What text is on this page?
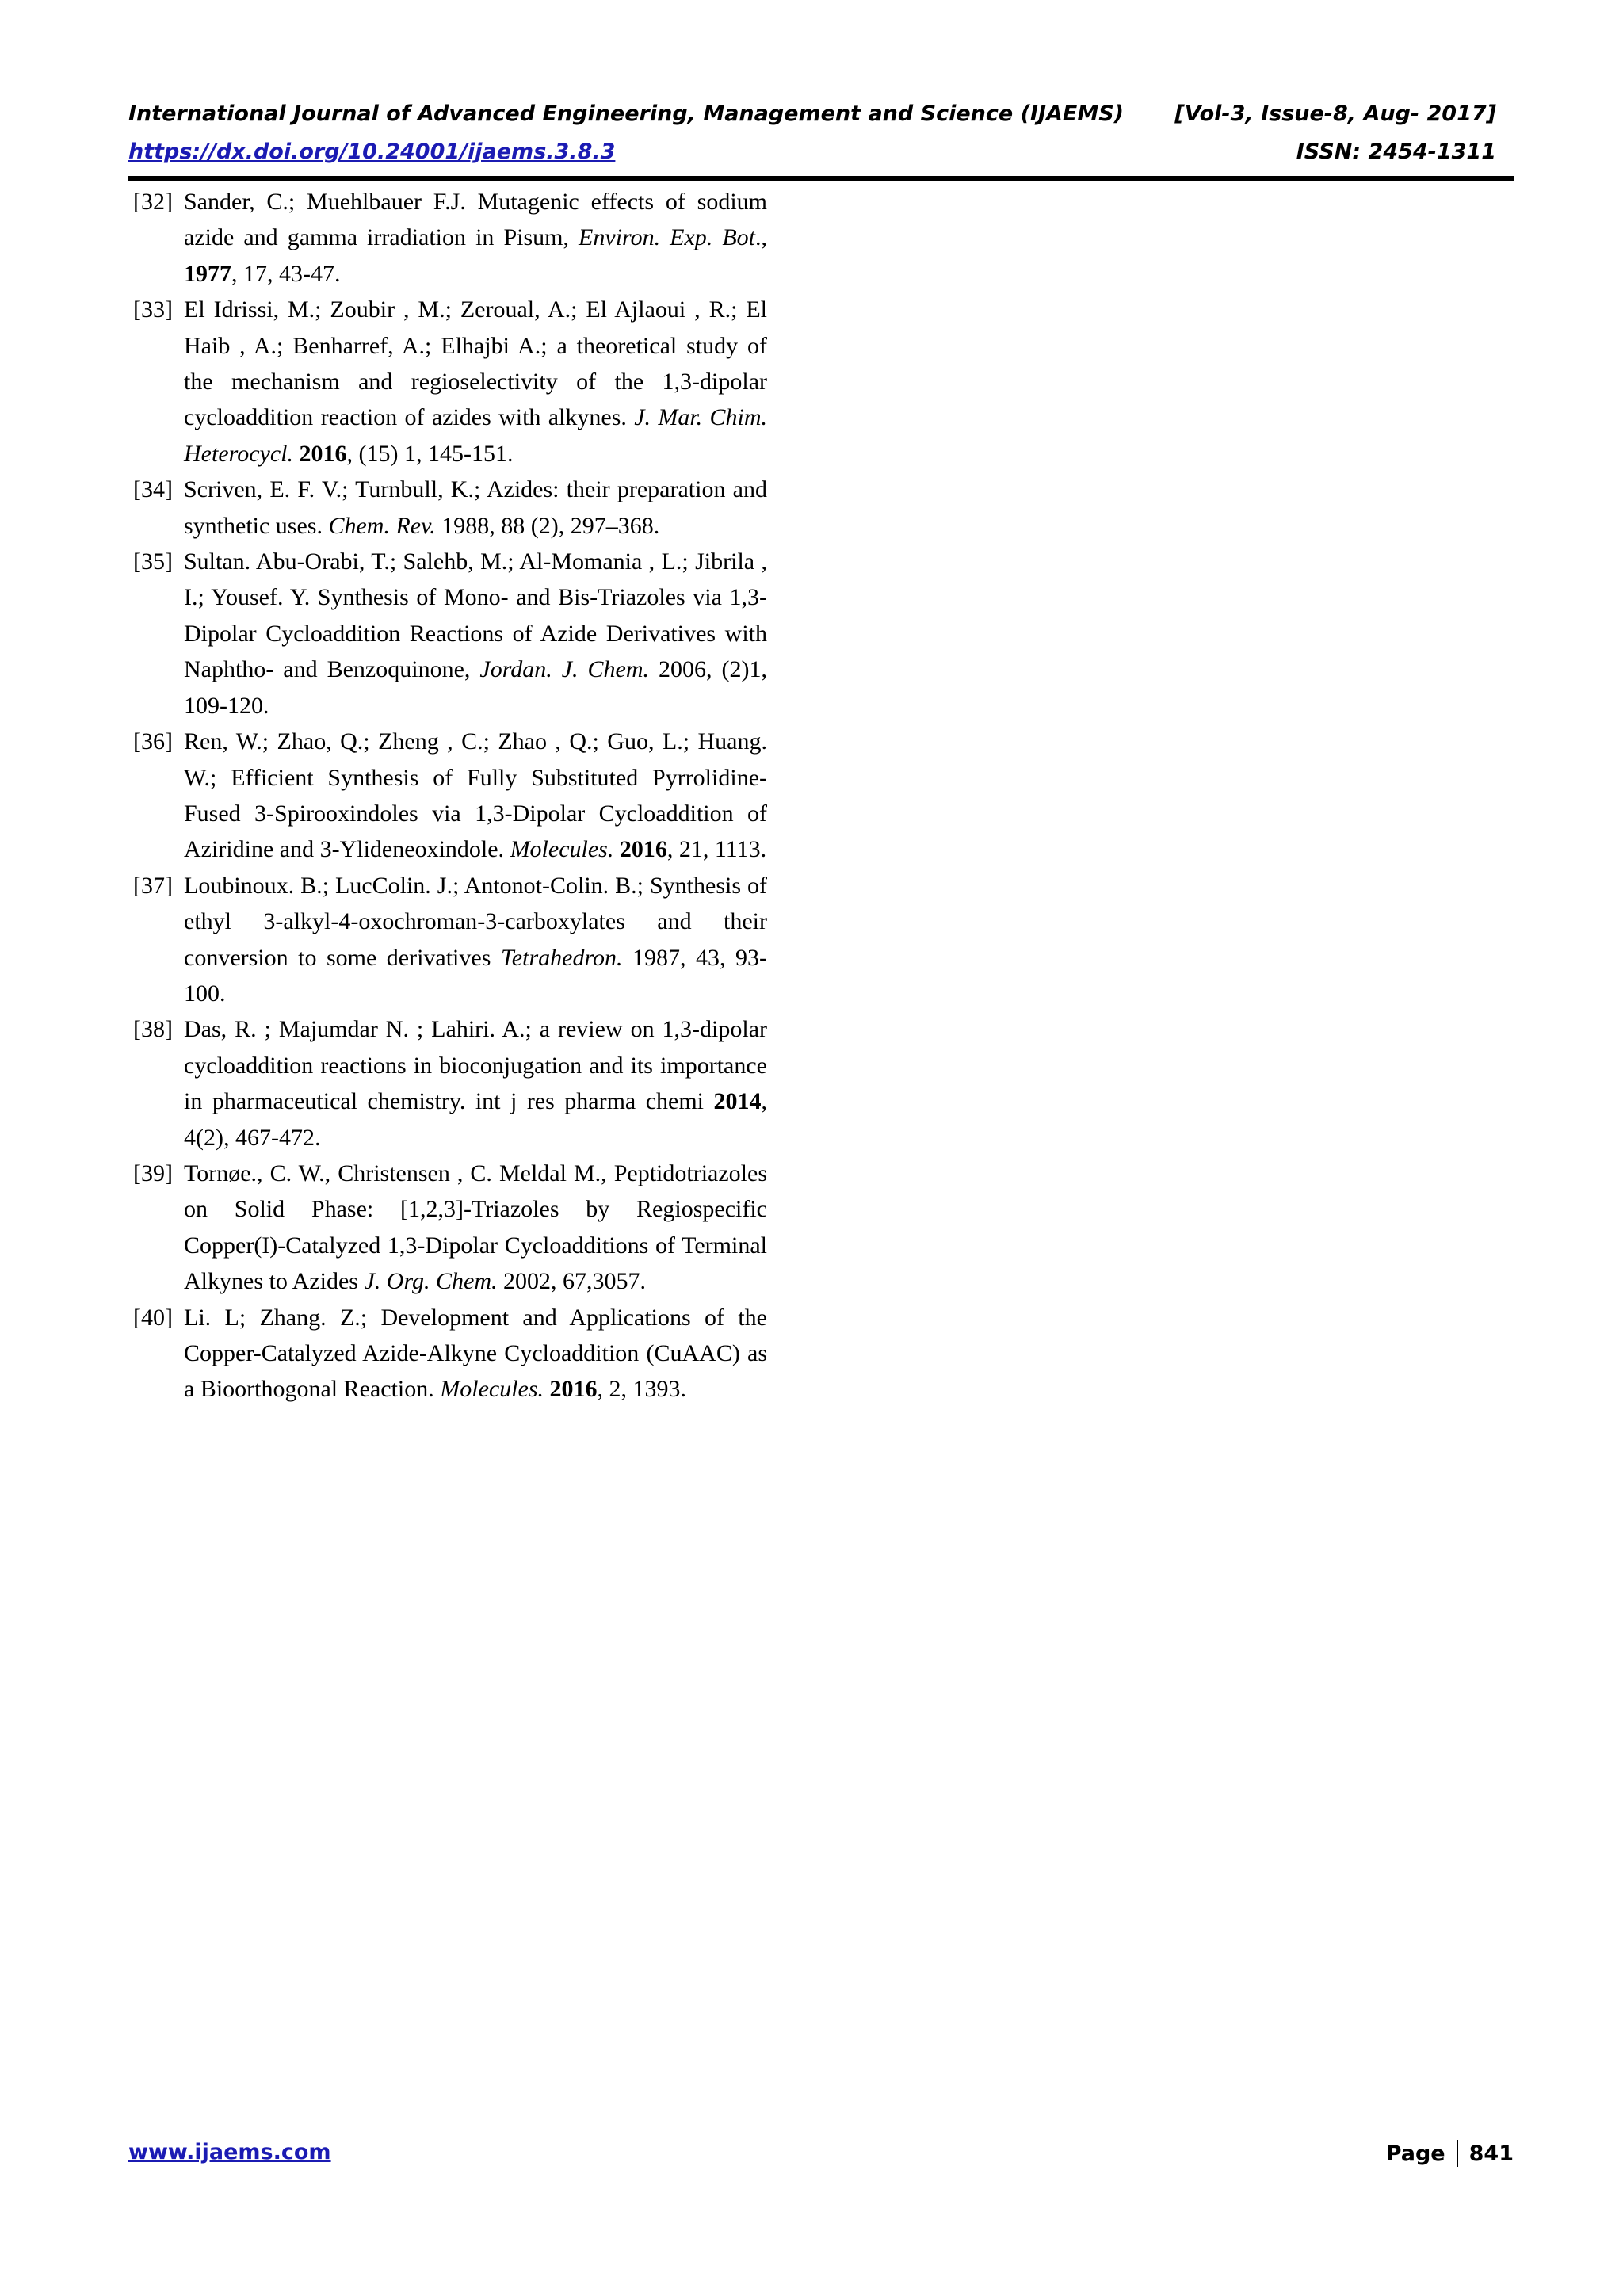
International Journal of Advanced Engineering, Management and Science (IJAEMS) [Vol-3, Issue-8, Aug- 2017]
https://dx.doi.org/10.24001/ijaems.3.8.3	ISSN: 2454-1311
[32] Sander, C.; Muehlbauer F.J. Mutagenic effects of sodium azide and gamma irradiation in Pisum, Environ. Exp. Bot., 1977, 17, 43-47.
[33] El Idrissi, M.; Zoubir , M.; Zeroual, A.; El Ajlaoui , R.; El Haib , A.; Benharref, A.; Elhajbi A.; a theoretical study of the mechanism and regioselectivity of the 1,3-dipolar cycloaddition reaction of azides with alkynes. J. Mar. Chim. Heterocycl. 2016, (15) 1, 145-151.
[34] Scriven, E. F. V.; Turnbull, K.; Azides: their preparation and synthetic uses. Chem. Rev. 1988, 88 (2), 297–368.
[35] Sultan. Abu-Orabi, T.; Salehb, M.; Al-Momania , L.; Jibrila , I.; Yousef. Y. Synthesis of Mono- and Bis-Triazoles via 1,3-Dipolar Cycloaddition Reactions of Azide Derivatives with Naphtho- and Benzoquinone, Jordan. J. Chem. 2006, (2)1, 109-120.
[36] Ren, W.; Zhao, Q.; Zheng , C.; Zhao , Q.; Guo, L.; Huang. W.; Efficient Synthesis of Fully Substituted Pyrrolidine-Fused 3-Spirooxindoles via 1,3-Dipolar Cycloaddition of Aziridine and 3-Ylideneoxindole. Molecules. 2016, 21, 1113.
[37] Loubinoux. B.; LucColin. J.; Antonot-Colin. B.; Synthesis of ethyl 3-alkyl-4-oxochroman-3-carboxylates and their conversion to some derivatives Tetrahedron. 1987, 43, 93-100.
[38] Das, R. ; Majumdar N. ; Lahiri. A.; a review on 1,3-dipolar cycloaddition reactions in bioconjugation and its importance in pharmaceutical chemistry. int j res pharma chemi 2014, 4(2), 467-472.
[39] Tornøe., C. W., Christensen , C. Meldal M., Peptidotriazoles on Solid Phase: [1,2,3]-Triazoles by Regiospecific Copper(I)-Catalyzed 1,3-Dipolar Cycloadditions of Terminal Alkynes to Azides J. Org. Chem. 2002, 67,3057.
[40] Li. L; Zhang. Z.; Development and Applications of the Copper-Catalyzed Azide-Alkyne Cycloaddition (CuAAC) as a Bioorthogonal Reaction. Molecules. 2016, 2, 1393.
www.ijaems.com	Page 841
